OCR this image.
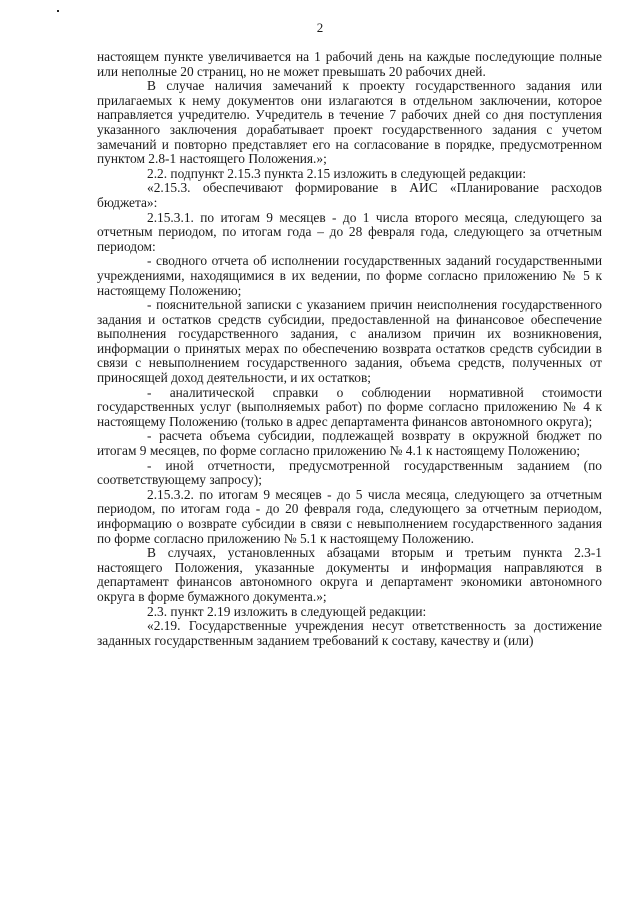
2

настоящем пункте увеличивается на 1 рабочий день на каждые последующие полные или неполные 20 страниц, но не может превышать 20 рабочих дней.

В случае наличия замечаний к проекту государственного задания или прилагаемых к нему документов они излагаются в отдельном заключении, которое направляется учредителю. Учредитель в течение 7 рабочих дней со дня поступления указанного заключения дорабатывает проект государственного задания с учетом замечаний и повторно представляет его на согласование в порядке, предусмотренном пунктом 2.8-1 настоящего Положения.»;

2.2. подпункт 2.15.3 пункта 2.15 изложить в следующей редакции:

«2.15.3. обеспечивают формирование в АИС «Планирование расходов бюджета»:

2.15.3.1. по итогам 9 месяцев - до 1 числа второго месяца, следующего за отчетным периодом, по итогам года – до 28 февраля года, следующего за отчетным периодом:

- сводного отчета об исполнении государственных заданий государственными учреждениями, находящимися в их ведении, по форме согласно приложению № 5 к настоящему Положению;

- пояснительной записки с указанием причин неисполнения государственного задания и остатков средств субсидии, предоставленной на финансовое обеспечение выполнения государственного задания, с анализом причин их возникновения, информации о принятых мерах по обеспечению возврата остатков средств субсидии в связи с невыполнением государственного задания, объема средств, полученных от приносящей доход деятельности, и их остатков;

- аналитической справки о соблюдении нормативной стоимости государственных услуг (выполняемых работ) по форме согласно приложению № 4 к настоящему Положению (только в адрес департамента финансов автономного округа);

- расчета объема субсидии, подлежащей возврату в окружной бюджет по итогам 9 месяцев, по форме согласно приложению № 4.1 к настоящему Положению;

- иной отчетности, предусмотренной государственным заданием (по соответствующему запросу);

2.15.3.2. по итогам 9 месяцев - до 5 числа месяца, следующего за отчетным периодом, по итогам года - до 20 февраля года, следующего за отчетным периодом, информацию о возврате субсидии в связи с невыполнением государственного задания по форме согласно приложению № 5.1 к настоящему Положению.

В случаях, установленных абзацами вторым и третьим пункта 2.3-1 настоящего Положения, указанные документы и информация направляются в департамент финансов автономного округа и департамент экономики автономного округа в форме бумажного документа.»;

2.3. пункт 2.19 изложить в следующей редакции:

«2.19. Государственные учреждения несут ответственность за достижение заданных государственным заданием требований к составу, качеству и (или)
